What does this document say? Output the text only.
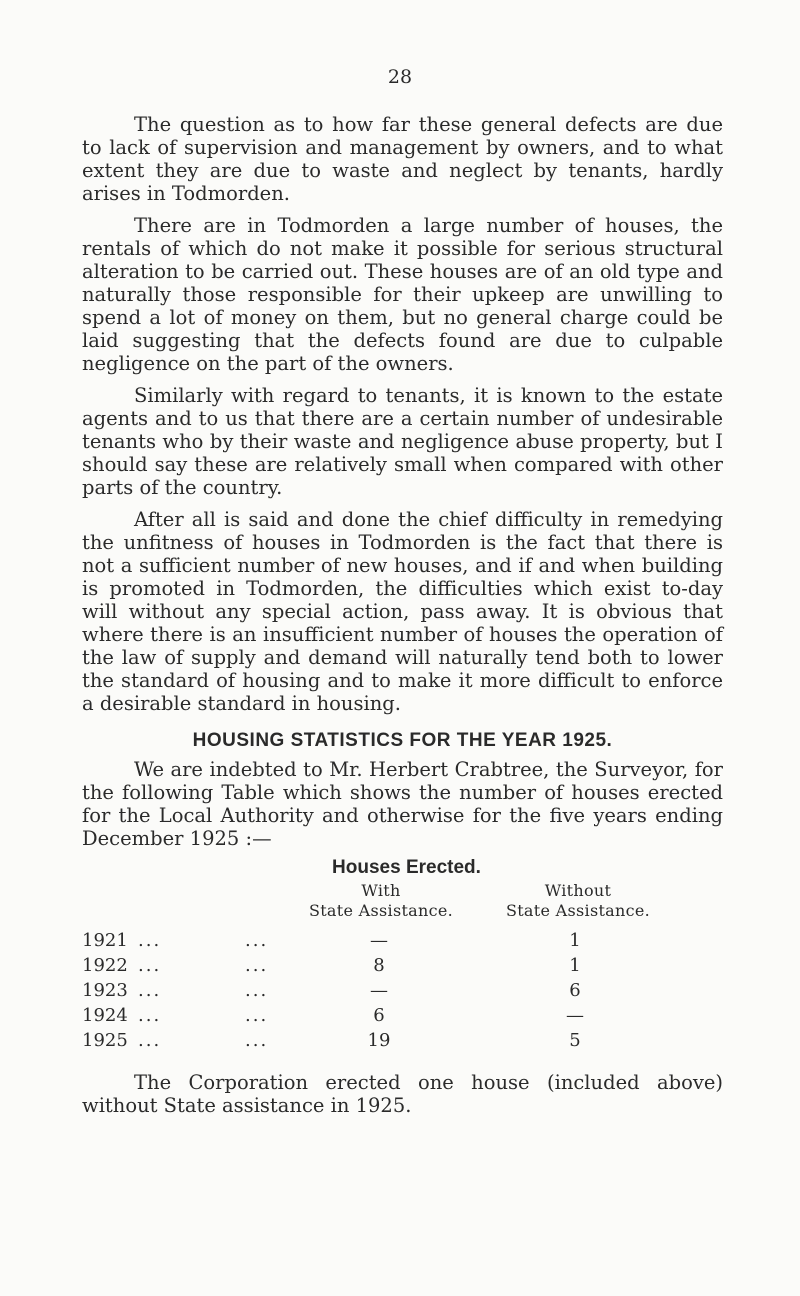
28

The question as to how far these general defects are due to lack of supervision and management by owners, and to what extent they are due to waste and neglect by tenants, hardly arises in Todmorden.

There are in Todmorden a large number of houses, the rentals of which do not make it possible for serious structural alteration to be carried out. These houses are of an old type and naturally those responsible for their upkeep are unwilling to spend a lot of money on them, but no general charge could be laid suggesting that the defects found are due to culpable negligence on the part of the owners.

Similarly with regard to tenants, it is known to the estate agents and to us that there are a certain number of undesirable tenants who by their waste and negligence abuse property, but I should say these are relatively small when compared with other parts of the country.

After all is said and done the chief difficulty in remedying the unfitness of houses in Todmorden is the fact that there is not a sufficient number of new houses, and if and when building is promoted in Todmorden, the difficulties which exist to-day will without any special action, pass away. It is obvious that where there is an insufficient number of houses the operation of the law of supply and demand will naturally tend both to lower the standard of housing and to make it more difficult to enforce a desirable standard in housing.

HOUSING STATISTICS FOR THE YEAR 1925.

We are indebted to Mr. Herbert Crabtree, the Surveyor, for the following Table which shows the number of houses erected for the Local Authority and otherwise for the five years ending December 1925 :—

Houses Erected.
With
State Assistance.
Without
State Assistance.
1921 ...	...	—	1
1922 ...	...	8	1
1923 ...	...	—	6
1924 ...	...	6	—
1925 ...	...	19	5

The Corporation erected one house (included above) without State assistance in 1925.
